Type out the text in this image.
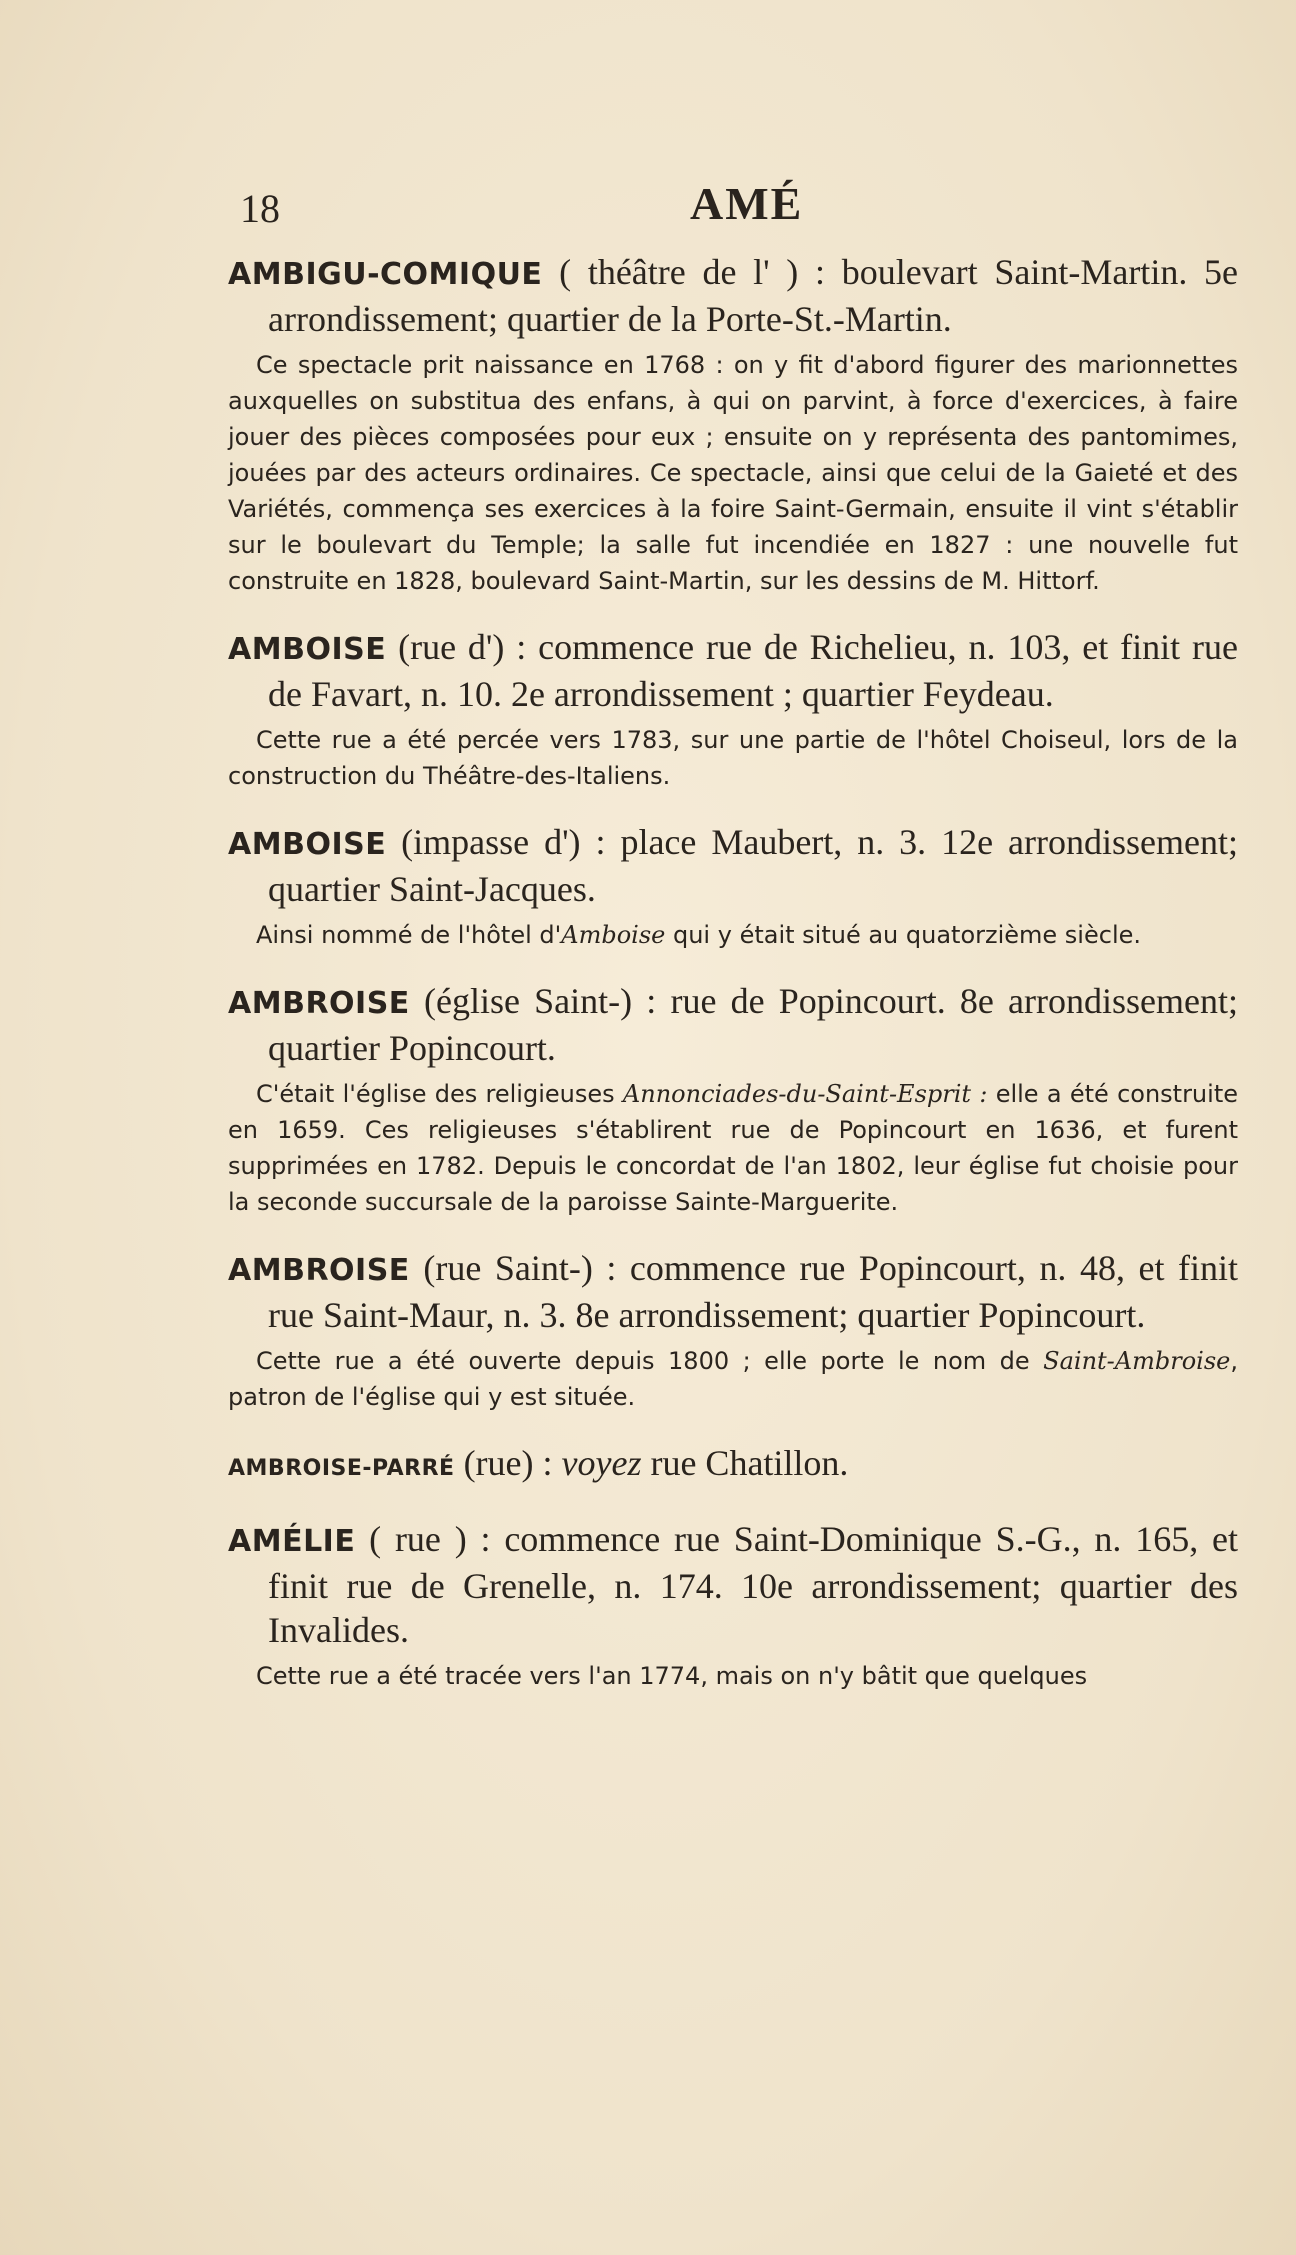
18	AMÉ

AMBIGU-COMIQUE ( théâtre de l' ) : boulevart Saint-Martin. 5e arrondissement; quartier de la Porte-St.-Martin.

Ce spectacle prit naissance en 1768 : on y fit d'abord figurer des marionnettes auxquelles on substitua des enfans, à qui on parvint, à force d'exercices, à faire jouer des pièces composées pour eux ; ensuite on y représenta des pantomimes, jouées par des acteurs ordinaires. Ce spectacle, ainsi que celui de la Gaieté et des Variétés, commença ses exercices à la foire Saint-Germain, ensuite il vint s'établir sur le boulevart du Temple; la salle fut incendiée en 1827 : une nouvelle fut construite en 1828, boulevard Saint-Martin, sur les dessins de M. Hittorf.

AMBOISE (rue d') : commence rue de Richelieu, n. 103, et finit rue de Favart, n. 10. 2e arrondissement ; quartier Feydeau.

Cette rue a été percée vers 1783, sur une partie de l'hôtel Choiseul, lors de la construction du Théâtre-des-Italiens.

AMBOISE (impasse d') : place Maubert, n. 3. 12e arrondissement; quartier Saint-Jacques.

Ainsi nommé de l'hôtel d'Amboise qui y était situé au quatorzième siècle.

AMBROISE (église Saint-) : rue de Popincourt. 8e arrondissement; quartier Popincourt.

C'était l'église des religieuses Annonciades-du-Saint-Esprit : elle a été construite en 1659. Ces religieuses s'établirent rue de Popincourt en 1636, et furent supprimées en 1782. Depuis le concordat de l'an 1802, leur église fut choisie pour la seconde succursale de la paroisse Sainte-Marguerite.

AMBROISE (rue Saint-) : commence rue Popincourt, n. 48, et finit rue Saint-Maur, n. 3. 8e arrondissement; quartier Popincourt.

Cette rue a été ouverte depuis 1800 ; elle porte le nom de Saint-Ambroise, patron de l'église qui y est située.

AMBROISE-PARRÉ (rue) : voyez rue Chatillon.

AMÉLIE ( rue ) : commence rue Saint-Dominique S.-G., n. 165, et finit rue de Grenelle, n. 174. 10e arrondissement; quartier des Invalides.

Cette rue a été tracée vers l'an 1774, mais on n'y bâtit que quelques
